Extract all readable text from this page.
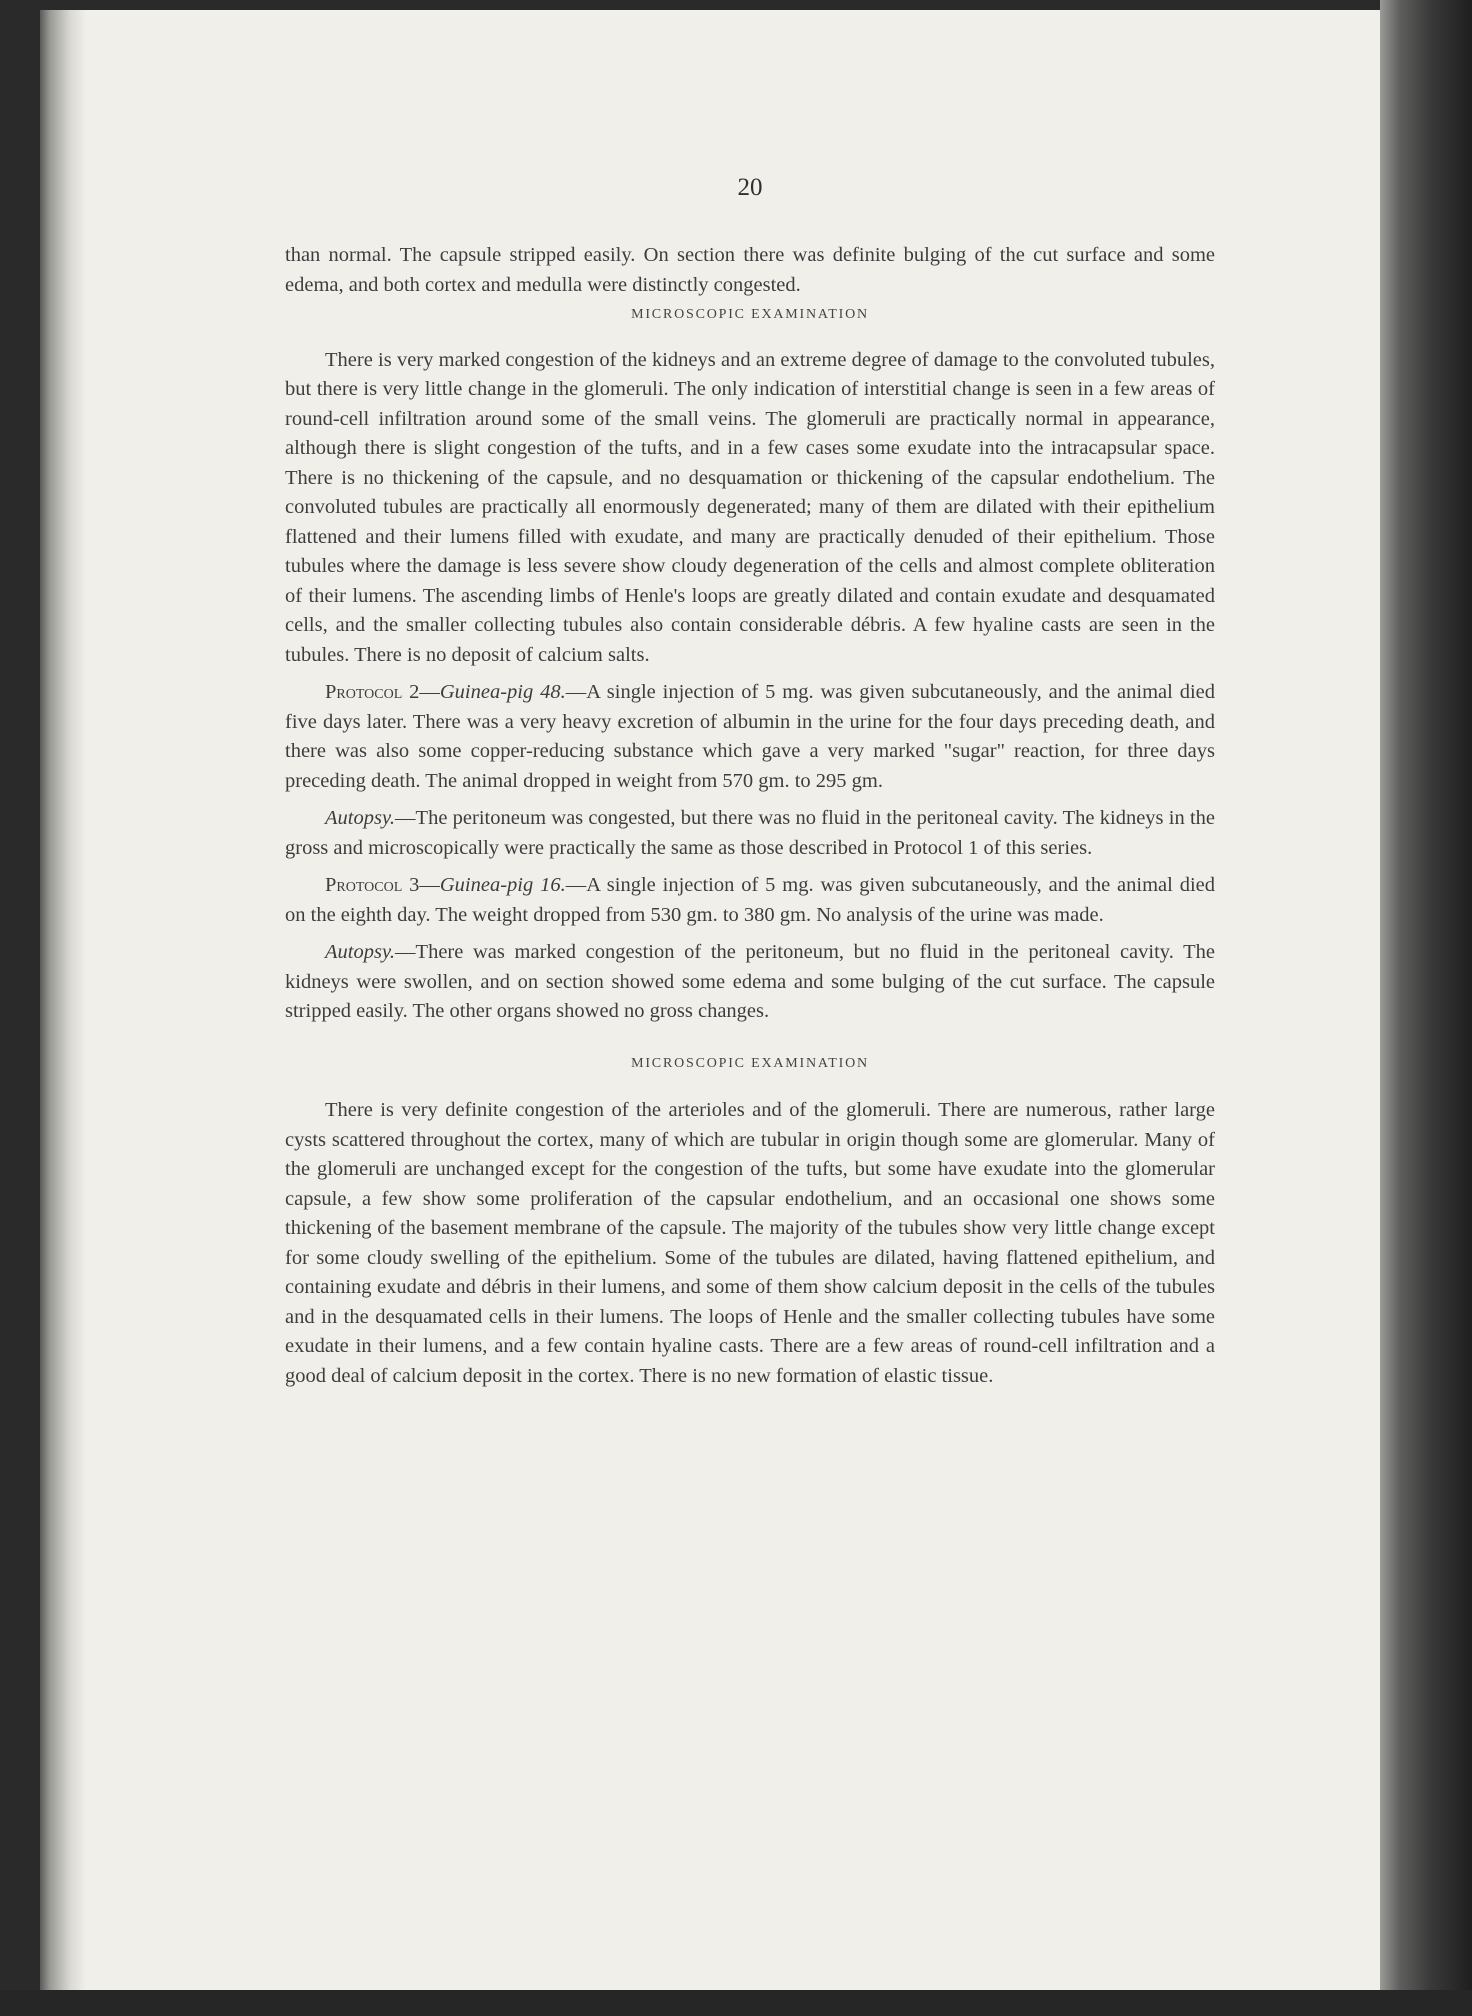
20

than normal. The capsule stripped easily. On section there was definite bulging of the cut surface and some edema, and both cortex and medulla were distinctly congested.

MICROSCOPIC EXAMINATION

There is very marked congestion of the kidneys and an extreme degree of damage to the convoluted tubules, but there is very little change in the glomeruli. The only indication of interstitial change is seen in a few areas of round-cell infiltration around some of the small veins. The glomeruli are practically normal in appearance, although there is slight congestion of the tufts, and in a few cases some exudate into the intracapsular space. There is no thickening of the capsule, and no desquamation or thickening of the capsular endothelium. The convoluted tubules are practically all enormously degenerated; many of them are dilated with their epithelium flattened and their lumens filled with exudate, and many are practically denuded of their epithelium. Those tubules where the damage is less severe show cloudy degeneration of the cells and almost complete obliteration of their lumens. The ascending limbs of Henle's loops are greatly dilated and contain exudate and desquamated cells, and the smaller collecting tubules also contain considerable débris. A few hyaline casts are seen in the tubules. There is no deposit of calcium salts.

Protocol 2—Guinea-pig 48.—A single injection of 5 mg. was given subcutaneously, and the animal died five days later. There was a very heavy excretion of albumin in the urine for the four days preceding death, and there was also some copper-reducing substance which gave a very marked "sugar" reaction, for three days preceding death. The animal dropped in weight from 570 gm. to 295 gm.

Autopsy.—The peritoneum was congested, but there was no fluid in the peritoneal cavity. The kidneys in the gross and microscopically were practically the same as those described in Protocol 1 of this series.

Protocol 3—Guinea-pig 16.—A single injection of 5 mg. was given subcutaneously, and the animal died on the eighth day. The weight dropped from 530 gm. to 380 gm. No analysis of the urine was made.

Autopsy.—There was marked congestion of the peritoneum, but no fluid in the peritoneal cavity. The kidneys were swollen, and on section showed some edema and some bulging of the cut surface. The capsule stripped easily. The other organs showed no gross changes.

MICROSCOPIC EXAMINATION

There is very definite congestion of the arterioles and of the glomeruli. There are numerous, rather large cysts scattered throughout the cortex, many of which are tubular in origin though some are glomerular. Many of the glomeruli are unchanged except for the congestion of the tufts, but some have exudate into the glomerular capsule, a few show some proliferation of the capsular endothelium, and an occasional one shows some thickening of the basement membrane of the capsule. The majority of the tubules show very little change except for some cloudy swelling of the epithelium. Some of the tubules are dilated, having flattened epithelium, and containing exudate and débris in their lumens, and some of them show calcium deposit in the cells of the tubules and in the desquamated cells in their lumens. The loops of Henle and the smaller collecting tubules have some exudate in their lumens, and a few contain hyaline casts. There are a few areas of round-cell infiltration and a good deal of calcium deposit in the cortex. There is no new formation of elastic tissue.
